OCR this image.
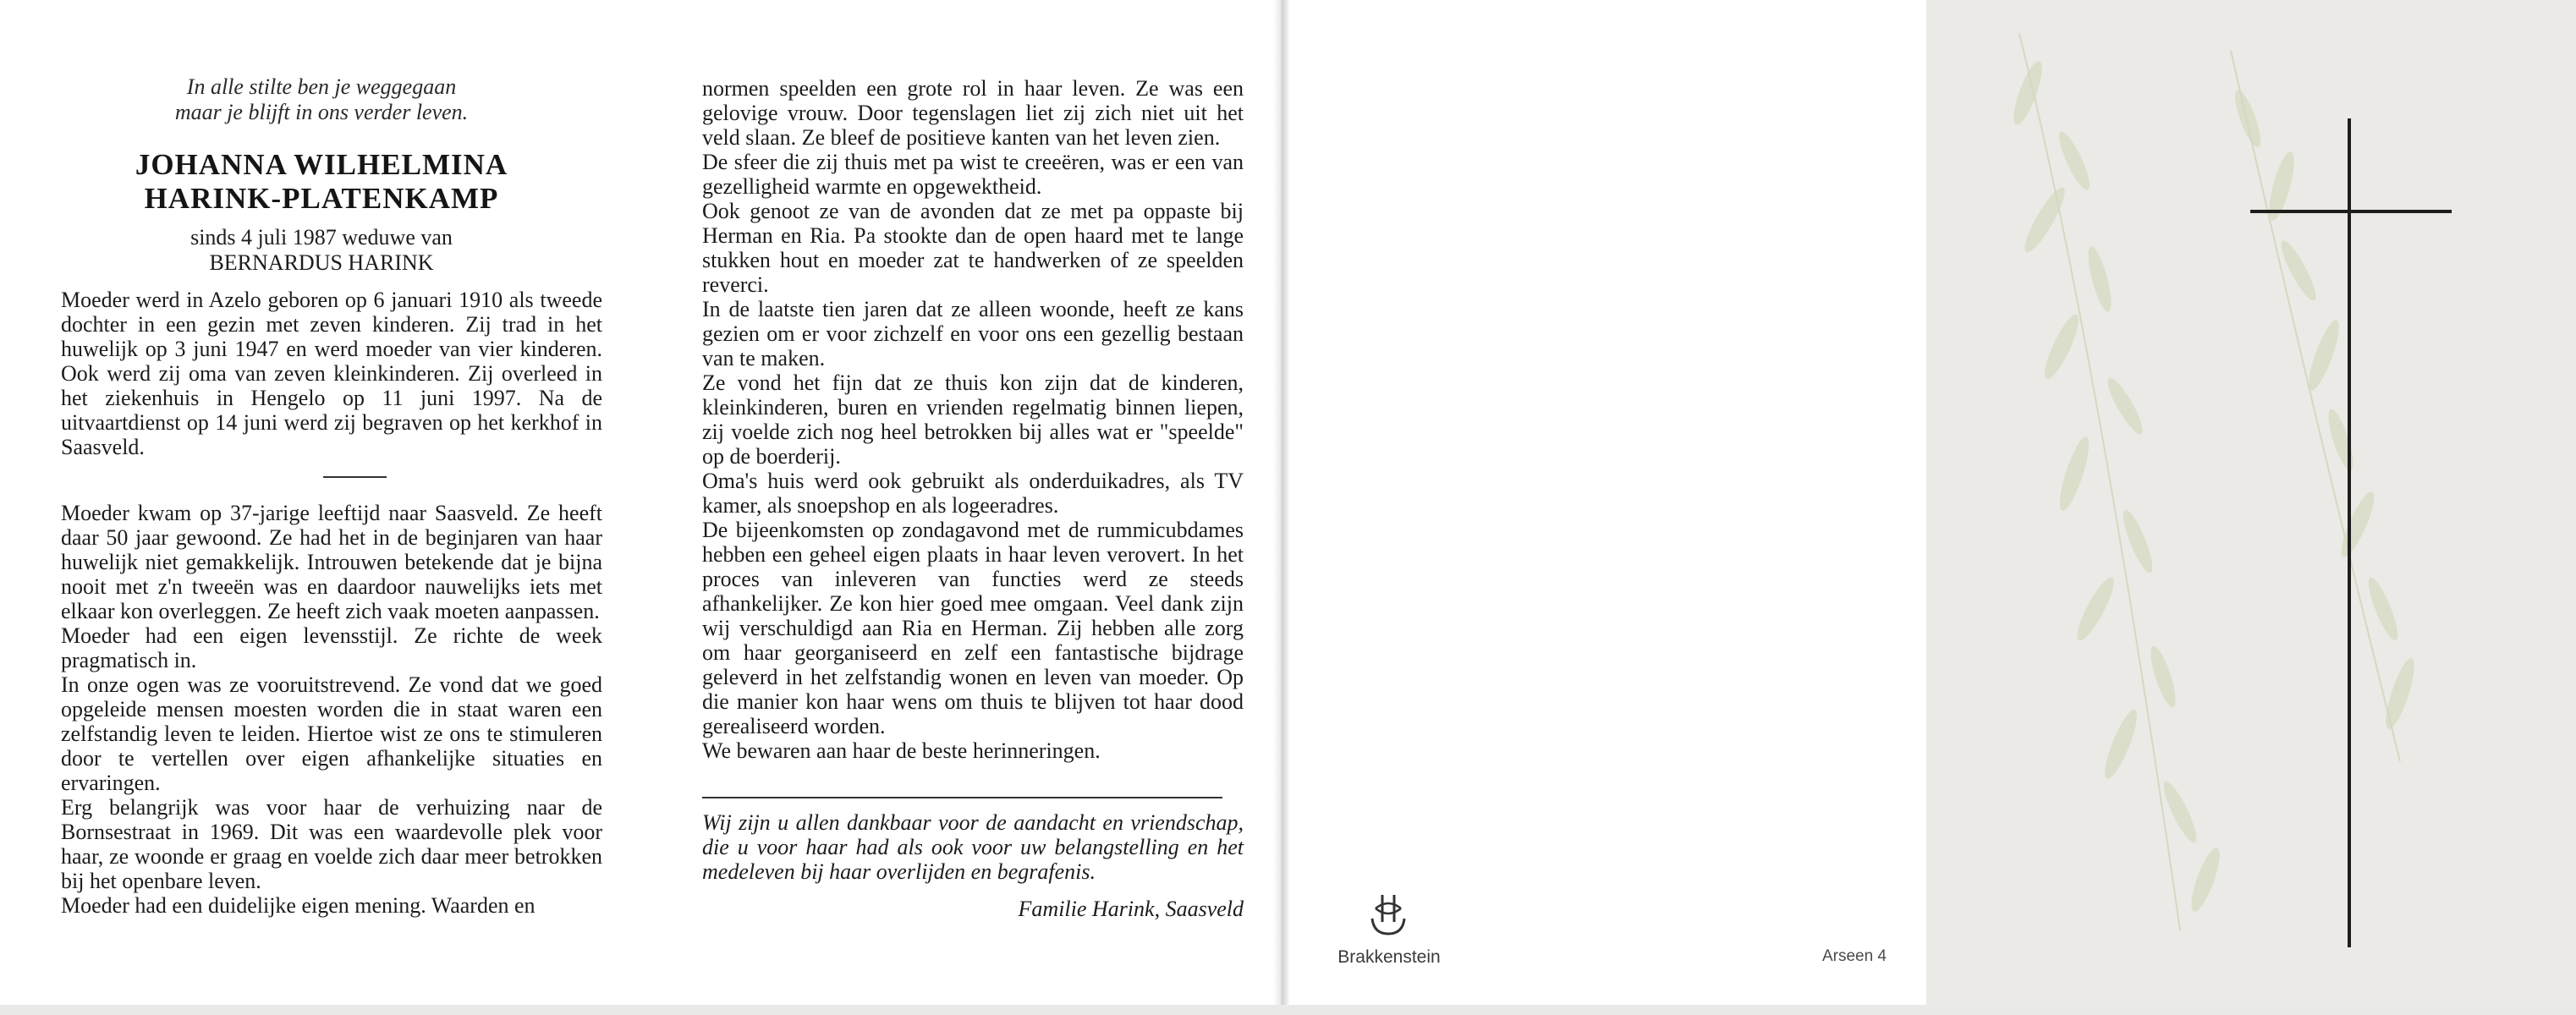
In alle stilte ben je weggegaan
maar je blijft in ons verder leven.
JOHANNA WILHELMINA
HARINK-PLATENKAMP
sinds 4 juli 1987 weduwe van
BERNARDUS HARINK

Moeder werd in Azelo geboren op 6 januari 1910 als tweede dochter in een gezin met zeven kinderen. Zij trad in het huwelijk op 3 juni 1947 en werd moeder van vier kinderen. Ook werd zij oma van zeven kleinkinderen. Zij overleed in het ziekenhuis in Hengelo op 11 juni 1997. Na de uitvaartdienst op 14 juni werd zij begraven op het kerkhof in Saasveld.

Moeder kwam op 37-jarige leeftijd naar Saasveld. Ze heeft daar 50 jaar gewoond. Ze had het in de beginjaren van haar huwelijk niet gemakkelijk. Introuwen betekende dat je bijna nooit met z'n tweeën was en daardoor nauwelijks iets met elkaar kon overleggen. Ze heeft zich vaak moeten aanpassen.

Moeder had een eigen levensstijl. Ze richte de week pragmatisch in.

In onze ogen was ze vooruitstrevend. Ze vond dat we goed opgeleide mensen moesten worden die in staat waren een zelfstandig leven te leiden. Hiertoe wist ze ons te stimuleren door te vertellen over eigen afhankelijke situaties en ervaringen.

Erg belangrijk was voor haar de verhuizing naar de Bornsestraat in 1969. Dit was een waardevolle plek voor haar, ze woonde er graag en voelde zich daar meer betrokken bij het openbare leven.

Moeder had een duidelijke eigen mening. Waarden en

normen speelden een grote rol in haar leven. Ze was een gelovige vrouw. Door tegenslagen liet zij zich niet uit het veld slaan. Ze bleef de positieve kanten van het leven zien.

De sfeer die zij thuis met pa wist te creeëren, was er een van gezelligheid warmte en opgewektheid.

Ook genoot ze van de avonden dat ze met pa oppaste bij Herman en Ria. Pa stookte dan de open haard met te lange stukken hout en moeder zat te handwerken of ze speelden reverci.

In de laatste tien jaren dat ze alleen woonde, heeft ze kans gezien om er voor zichzelf en voor ons een gezellig bestaan van te maken.

Ze vond het fijn dat ze thuis kon zijn dat de kinderen, kleinkinderen, buren en vrienden regelmatig binnen liepen, zij voelde zich nog heel betrokken bij alles wat er "speelde" op de boerderij.

Oma's huis werd ook gebruikt als onderduikadres, als TV kamer, als snoepshop en als logeeradres.

De bijeenkomsten op zondagavond met de rummicubdames hebben een geheel eigen plaats in haar leven verovert. In het proces van inleveren van functies werd ze steeds afhankelijker. Ze kon hier goed mee omgaan. Veel dank zijn wij verschuldigd aan Ria en Herman. Zij hebben alle zorg om haar georganiseerd en zelf een fantastische bijdrage geleverd in het zelfstandig wonen en leven van moeder. Op die manier kon haar wens om thuis te blijven tot haar dood gerealiseerd worden.

We bewaren aan haar de beste herinneringen.

Wij zijn u allen dankbaar voor de aandacht en vriendschap, die u voor haar had als ook voor uw belangstelling en het medeleven bij haar overlijden en begrafenis.
Familie Harink, Saasveld
Brakkenstein	Arseen 4
